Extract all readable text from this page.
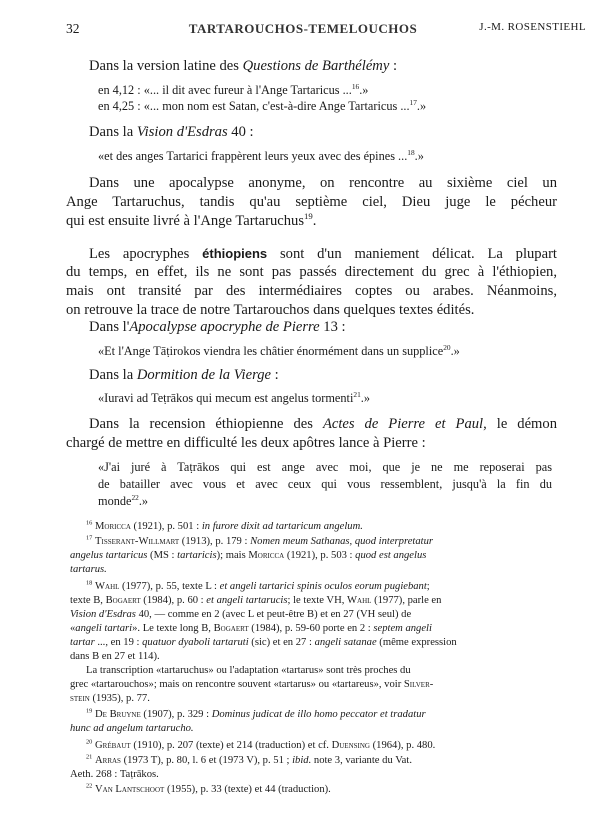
32	TARTAROUCHOS-TEMELOUCHOS	J.-M. ROSENSTIEHL
Dans la version latine des Questions de Barthélémy :
en 4,12 : «... il dit avec fureur à l'Ange Tartaricus ...$^{16}$.»
en 4,25 : «... mon nom est Satan, c'est-à-dire Ange Tartaricus ...$^{17}$.»
Dans la Vision d'Esdras 40 :
«et des anges Tartarici frappèrent leurs yeux avec des épines ...$^{18}$.»
Dans une apocalypse anonyme, on rencontre au sixième ciel un
Ange Tartaruchus, tandis qu'au septième ciel, Dieu juge le pécheur
qui est ensuite livré à l'Ange Tartaruchus$^{19}$.
Les apocryphes éthiopiens sont d'un maniement délicat. La plupart
du temps, en effet, ils ne sont pas passés directement du grec à l'éthiopien,
mais ont transité par des intermédiaires coptes ou arabes. Néanmoins,
on retrouve la trace de notre Tartarouchos dans quelques textes édités.
Dans l'Apocalypse apocryphe de Pierre 13 :
«Et l'Ange Tāṭirokos viendra les châtier énormément dans un supplice$^{20}$.»
Dans la Dormition de la Vierge :
«Iuravi ad Teṭrākos qui mecum est angelus tormenti$^{21}$.»
Dans la recension éthiopienne des Actes de Pierre et Paul, le démon
chargé de mettre en difficulté les deux apôtres lance à Pierre :
«J'ai juré à Taṭrākos qui est ange avec moi, que je ne me reposerai pas
de batailler avec vous et avec ceux qui vous ressemblent, jusqu'à la fin du
monde$^{22}$.»
$^{16}$ Moricca (1921), p. 501 : in furore dixit ad tartaricum angelum.
$^{17}$ Tisserant-Willmart (1913), p. 179 : Nomen meum Sathanas, quod interpretatur
angelus tartaricus (MS : tartaricis); mais Moricca (1921), p. 503 : quod est angelus
tartarus.
$^{18}$ Wahl (1977), p. 55, texte L : et angeli tartarici spinis oculos eorum pugiebant;
texte B, Bogaert (1984), p. 60 : et angeli tartarucis; le texte VH, Wahl (1977), parle en
Vision d'Esdras 40, — comme en 2 (avec L et peut-être B) et en 27 (VH seul) de
«angeli tartari». Le texte long B, Bogaert (1984), p. 59-60 porte en 2 : septem angeli
tartar ..., en 19 : quatuor dyaboli tartaruti (sic) et en 27 : angeli satanae (même expression
dans B en 27 et 114).
La transcription «tartaruchus» ou l'adaptation «tartarus» sont très proches du
grec «tartarouchos»; mais on rencontre souvent «tartarus» ou «tartareus», voir Silver-
stein (1935), p. 77.
$^{19}$ De Bruyne (1907), p. 329 : Dominus judicat de illo homo peccator et tradatur
hunc ad angelum tartarucho.
$^{20}$ Grébaut (1910), p. 207 (texte) et 214 (traduction) et cf. Duensing (1964), p. 480.
$^{21}$ Arras (1973 T), p. 80, l. 6 et (1973 V), p. 51 ; ibid. note 3, variante du Vat.
Aeth. 268 : Taṭrākos.
$^{22}$ Van Lantschoot (1955), p. 33 (texte) et 44 (traduction).
